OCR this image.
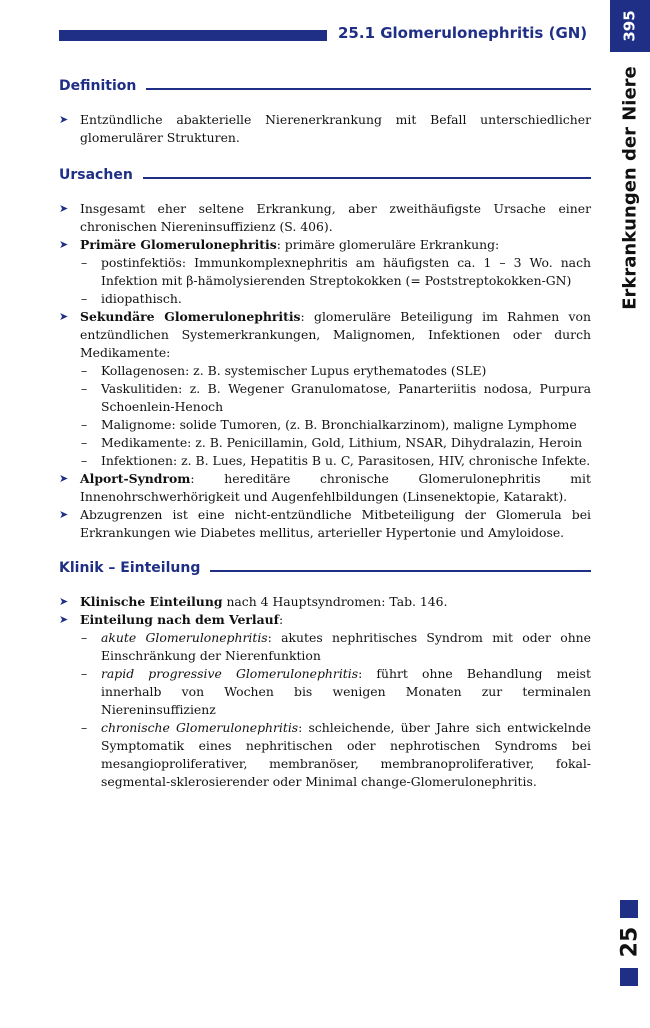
25.1 Glomerulonephritis (GN) 395
Erkrankungen der Niere
25
Definition

➤ Entzündliche abakterielle Nierenerkrankung mit Befall unterschiedlicher glomerulärer Strukturen.

Ursachen

➤ Insgesamt eher seltene Erkrankung, aber zweithäufigste Ursache einer chronischen Niereninsuffizienz (S. 406).

➤ Primäre Glomerulonephritis: primäre glomeruläre Erkrankung:

– postinfektiös: Immunkomplexnephritis am häufigsten ca. 1 – 3 Wo. nach Infektion mit β-hämolysierenden Streptokokken (= Poststreptokokken-GN)

– idiopathisch.

➤ Sekundäre Glomerulonephritis: glomeruläre Beteiligung im Rahmen von entzündlichen Systemerkrankungen, Malignomen, Infektionen oder durch Medikamente:

– Kollagenosen: z. B. systemischer Lupus erythematodes (SLE)

– Vaskulitiden: z. B. Wegener Granulomatose, Panarteriitis nodosa, Purpura Schoenlein-Henoch

– Malignome: solide Tumoren, (z. B. Bronchialkarzinom), maligne Lymphome

– Medikamente: z. B. Penicillamin, Gold, Lithium, NSAR, Dihydralazin, Heroin

– Infektionen: z. B. Lues, Hepatitis B u. C, Parasitosen, HIV, chronische Infekte.

➤ Alport-Syndrom: hereditäre chronische Glomerulonephritis mit Innenohrschwerhörigkeit und Augenfehlbildungen (Linsenektopie, Katarakt).

➤ Abzugrenzen ist eine nicht-entzündliche Mitbeteiligung der Glomerula bei Erkrankungen wie Diabetes mellitus, arterieller Hypertonie und Amyloidose.

Klinik – Einteilung

➤ Klinische Einteilung nach 4 Hauptsyndromen: Tab. 146.

➤ Einteilung nach dem Verlauf:

– akute Glomerulonephritis: akutes nephritisches Syndrom mit oder ohne Einschränkung der Nierenfunktion

– rapid progressive Glomerulonephritis: führt ohne Behandlung meist innerhalb von Wochen bis wenigen Monaten zur terminalen Niereninsuffizienz

– chronische Glomerulonephritis: schleichende, über Jahre sich entwickelnde Symptomatik eines nephritischen oder nephrotischen Syndroms bei mesangioproliferativer, membranöser, membranoproliferativer, fokal-segmental-sklerosierender oder Minimal change-Glomerulonephritis.
